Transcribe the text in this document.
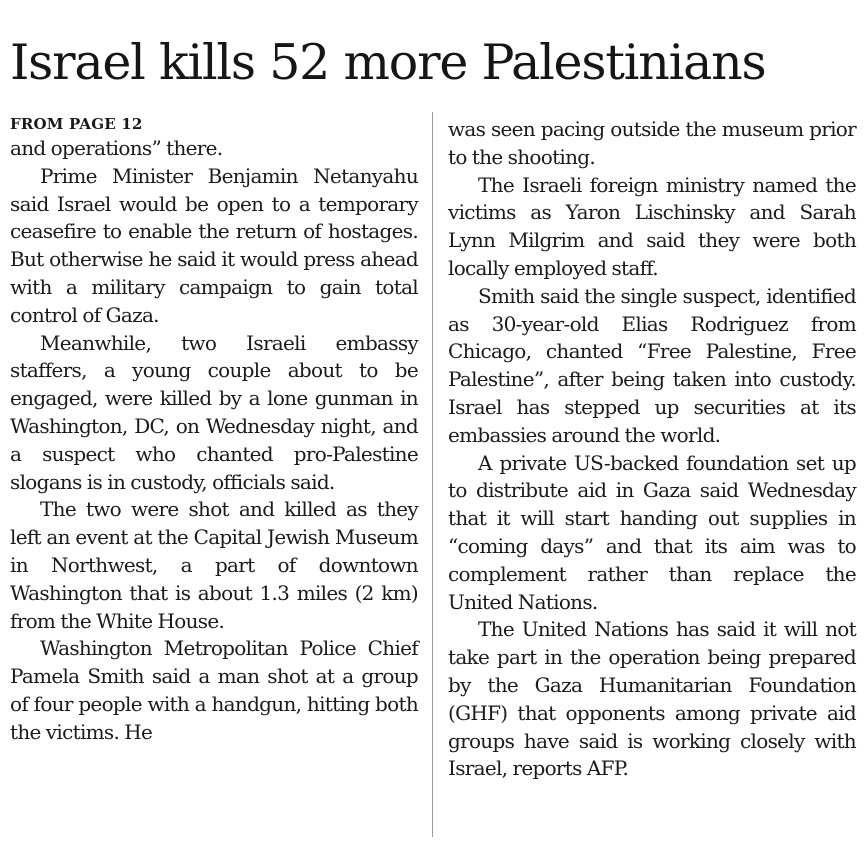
Israel kills 52 more Palestinians
FROM PAGE 12

and operations” there.

Prime Minister Benjamin Netanyahu said Israel would be open to a temporary ceasefire to enable the return of hostages. But otherwise he said it would press ahead with a military campaign to gain total control of Gaza.

Meanwhile, two Israeli embassy staffers, a young couple about to be engaged, were killed by a lone gunman in Washington, DC, on Wednesday night, and a suspect who chanted pro-Palestine slogans is in custody, officials said.

The two were shot and killed as they left an event at the Capital Jewish Museum in Northwest, a part of downtown Washington that is about 1.3 miles (2 km) from the White House.

Washington Metropolitan Police Chief Pamela Smith said a man shot at a group of four people with a handgun, hitting both the victims. He

was seen pacing outside the museum prior to the shooting.

The Israeli foreign ministry named the victims as Yaron Lischinsky and Sarah Lynn Milgrim and said they were both locally employed staff.

Smith said the single suspect, identified as 30-year-old Elias Rodriguez from Chicago, chanted “Free Palestine, Free Palestine”, after being taken into custody. Israel has stepped up securities at its embassies around the world.

A private US-backed foundation set up to distribute aid in Gaza said Wednesday that it will start handing out supplies in “coming days” and that its aim was to complement rather than replace the United Nations.

The United Nations has said it will not take part in the operation being prepared by the Gaza Humanitarian Foundation (GHF) that opponents among private aid groups have said is working closely with Israel, reports AFP.
